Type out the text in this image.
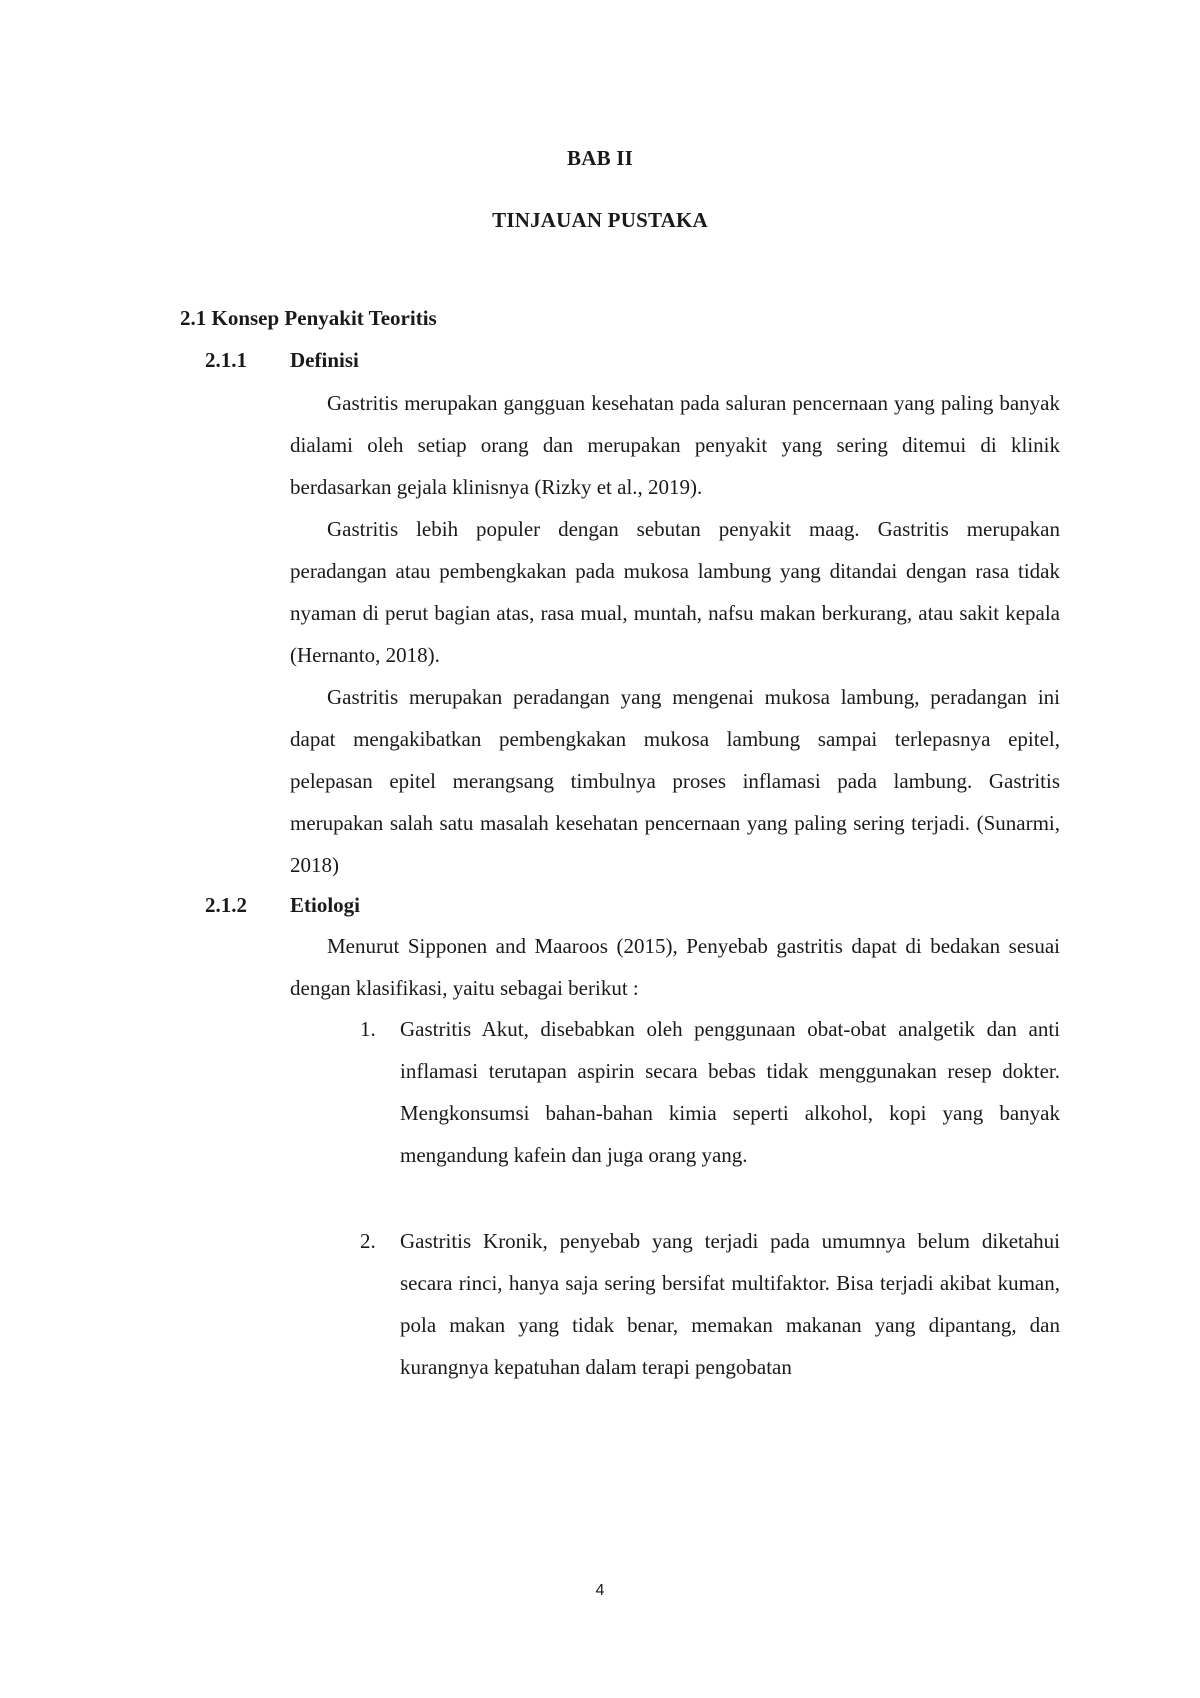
BAB II
TINJAUAN PUSTAKA
2.1 Konsep Penyakit Teoritis
2.1.1 Definisi

Gastritis merupakan gangguan kesehatan pada saluran pencernaan yang paling banyak dialami oleh setiap orang dan merupakan penyakit yang sering ditemui di klinik berdasarkan gejala klinisnya (Rizky et al., 2019).

Gastritis lebih populer dengan sebutan penyakit maag. Gastritis merupakan peradangan atau pembengkakan pada mukosa lambung yang ditandai dengan rasa tidak nyaman di perut bagian atas, rasa mual, muntah, nafsu makan berkurang, atau sakit kepala (Hernanto, 2018).

Gastritis merupakan peradangan yang mengenai mukosa lambung, peradangan ini dapat mengakibatkan pembengkakan mukosa lambung sampai terlepasnya epitel, pelepasan epitel merangsang timbulnya proses inflamasi pada lambung. Gastritis merupakan salah satu masalah kesehatan pencernaan yang paling sering terjadi. (Sunarmi, 2018)

2.1.2 Etiologi

Menurut Sipponen and Maaroos (2015), Penyebab gastritis dapat di bedakan sesuai dengan klasifikasi, yaitu sebagai berikut :

1.	Gastritis Akut, disebabkan oleh penggunaan obat-obat analgetik dan anti inflamasi terutapan aspirin secara bebas tidak menggunakan resep dokter. Mengkonsumsi bahan-bahan kimia seperti alkohol, kopi yang banyak mengandung kafein dan juga orang yang.
2.	Gastritis Kronik, penyebab yang terjadi pada umumnya belum diketahui secara rinci, hanya saja sering bersifat multifaktor. Bisa terjadi akibat kuman, pola makan yang tidak benar, memakan makanan yang dipantang, dan kurangnya kepatuhan dalam terapi pengobatan
4
